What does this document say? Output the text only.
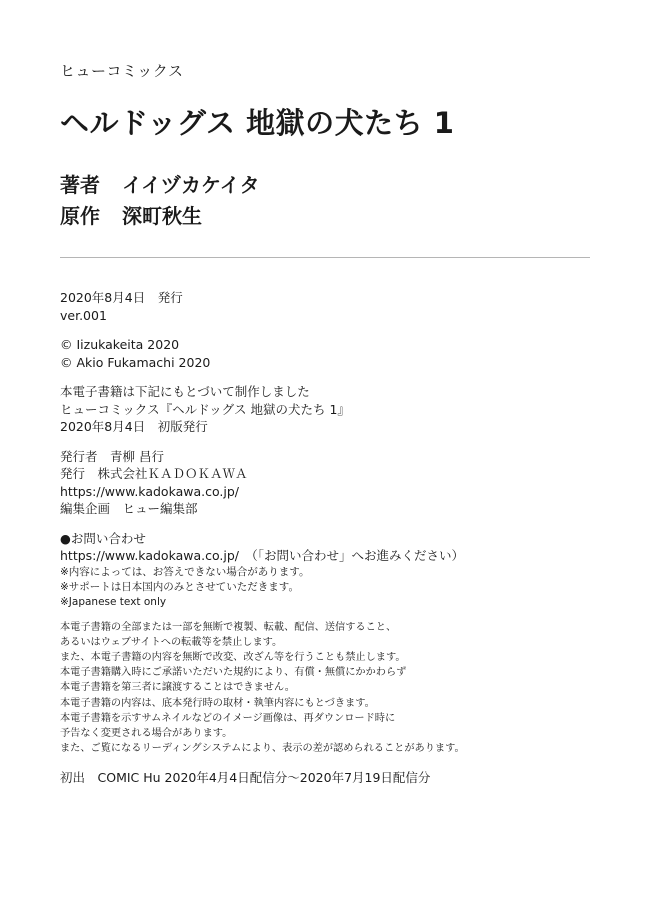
ヒューコミックス
ヘルドッグス 地獄の犬たち 1
著者 イイヅカケイタ
原作 深町秋生
2020年8月4日　発行
ver.001
© Iizukakeita 2020
© Akio Fukamachi 2020
本電子書籍は下記にもとづいて制作しました
ヒューコミックス『ヘルドッグス 地獄の犬たち 1』
2020年8月4日　初版発行
発行者　青柳 昌行
発行　株式会社ＫＡＤＯＫＡＷＡ
https://www.kadokawa.co.jp/
編集企画　ヒュー編集部
●お問い合わせ
https://www.kadokawa.co.jp/　（「お問い合わせ」へお進みください）
※内容によっては、お答えできない場合があります。
※サポートは日本国内のみとさせていただきます。
※Japanese text only
本電子書籍の全部または一部を無断で複製、転載、配信、送信すること、
あるいはウェブサイトへの転載等を禁止します。
また、本電子書籍の内容を無断で改変、改ざん等を行うことも禁止します。
本電子書籍購入時にご承諾いただいた規約により、有償・無償にかかわらず
本電子書籍を第三者に譲渡することはできません。
本電子書籍の内容は、底本発行時の取材・執筆内容にもとづきます。
本電子書籍を示すサムネイルなどのイメージ画像は、再ダウンロード時に
予告なく変更される場合があります。
また、ご覧になるリーディングシステムにより、表示の差が認められることがあります。
初出　COMIC Hu 2020年4月4日配信分～2020年7月19日配信分
